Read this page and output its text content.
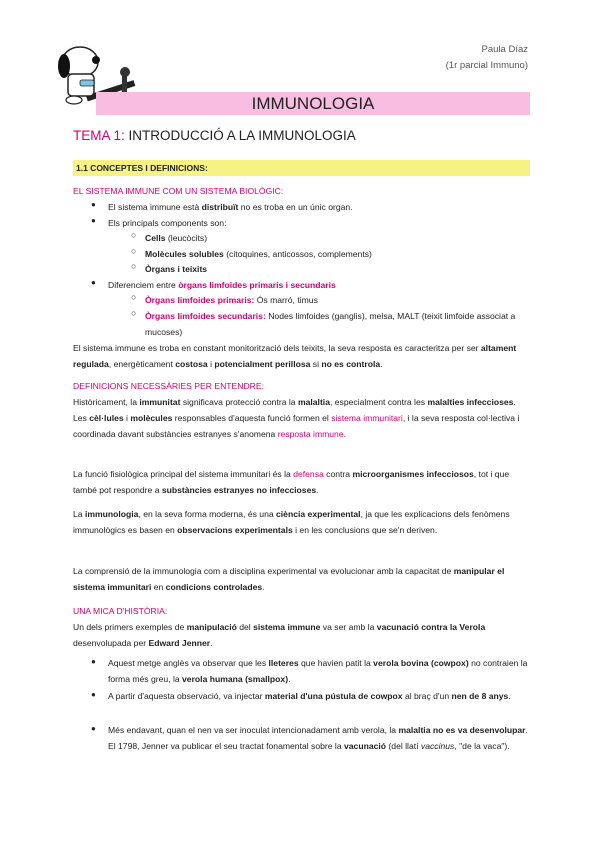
Paula Díaz
(1r parcial Immuno)
IMMUNOLOGIA
TEMA 1: INTRODUCCIÓ A LA IMMUNOLOGIA
1.1 CONCEPTES I DEFINICIONS:
EL SISTEMA IMMUNE COM UN SISTEMA BIOLÒGIC:
● El sistema immune està distribuït no es troba en un únic organ.
● Els principals components son:
○ Cells (leucòcits)
○ Molècules solubles (citoquines, anticossos, complements)
○ Òrgans i teixits
● Diferenciem entre òrgans limfoides primaris i secundaris
○ Òrgans limfoides primaris: Ós marró, timus
○ Òrgans limfoides secundaris: Nodes limfoides (ganglis), melsa, MALT (teixit limfoide associat a mucoses)
El sistema immune es troba en constant monitorització dels teixits, la seva resposta es caracteritza per ser altament regulada, energèticament costosa i potencialment perillosa si no es controla.
DEFINICIONS NECESSÀRIES PER ENTENDRE:
Històricament, la immunitat significava protecció contra la malaltia, especialment contra les malalties infeccioses. Les cèl·lules i molècules responsables d'aquesta funció formen el sistema immunitari, i la seva resposta col·lectiva i coordinada davant substàncies estranyes s'anomena resposta immune.
La funció fisiològica principal del sistema immunitari és la defensa contra microorganismes infecciosos, tot i que també pot respondre a substàncies estranyes no infeccioses.
La immunologia, en la seva forma moderna, és una ciència experimental, ja que les explicacions dels fenòmens immunològics es basen en observacions experimentals i en les conclusions que se'n deriven.
La comprensió de la immunologia com a disciplina experimental va evolucionar amb la capacitat de manipular el sistema immunitari en condicions controlades.
UNA MICA D'HISTÒRIA:
Un dels primers exemples de manipulació del sistema immune va ser amb la vacunació contra la Verola desenvolupada per Edward Jenner.
● Aquest metge anglès va observar que les lleteres que havien patit la verola bovina (cowpox) no contraien la forma més greu, la verola humana (smallpox).
● A partir d'aquesta observació, va injectar material d'una pústula de cowpox al braç d'un nen de 8 anys.
● Més endavant, quan el nen va ser inoculat intencionadament amb verola, la malaltia no es va desenvolupar. El 1798, Jenner va publicar el seu tractat fonamental sobre la vacunació (del llatí vaccinus, "de la vaca").
